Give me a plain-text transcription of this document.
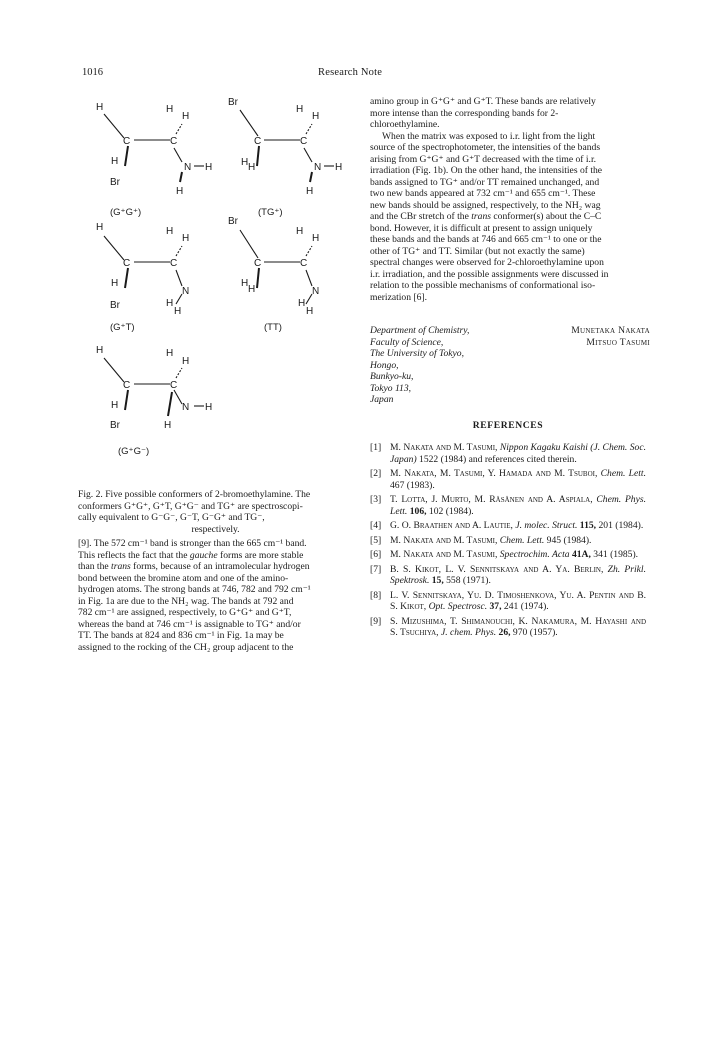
1016	Research Note
H	H
H
C	C
H
N H
Br
H
(G⁺G⁺)
Br
H
H
C	C
H H	N H
H
(TG⁺)
H	H
H
C	C
H
N
Br	H
H
(G⁺T)
Br
H
H
C	C
H
H	N
H
H
(TT)
H	H
H
C	C
H	N H
Br	H
(G⁺G⁻)
Fig. 2. Five possible conformers of 2-bromoethylamine. The
conformers G⁺G⁺, G⁺T, G⁺G⁻ and TG⁺ are spectroscopi-
cally equivalent to G⁻G⁻, G⁻T, G⁻G⁺ and TG⁻,

respectively.
[9]. The 572 cm⁻¹ band is stronger than the 665 cm⁻¹ band.
This reflects the fact that the gauche forms are more stable
than the trans forms, because of an intramolecular hydrogen
bond between the bromine atom and one of the amino-
hydrogen atoms. The strong bands at 746, 782 and 792 cm⁻¹
in Fig. 1a are due to the NH₂ wag. The bands at 792 and
782 cm⁻¹ are assigned, respectively, to G⁺G⁺ and G⁺T,
whereas the band at 746 cm⁻¹ is assignable to TG⁺ and/or
TT. The bands at 824 and 836 cm⁻¹ in Fig. 1a may be
assigned to the rocking of the CH₂ group adjacent to the

amino group in G⁺G⁺ and G⁺T. These bands are relatively
more intense than the corresponding bands for 2-
chloroethylamine.

When the matrix was exposed to i.r. light from the light
source of the spectrophotometer, the intensities of the bands
arising from G⁺G⁺ and G⁺T decreased with the time of i.r.
irradiation (Fig. 1b). On the other hand, the intensities of the
bands assigned to TG⁺ and/or TT remained unchanged, and
two new bands appeared at 732 cm⁻¹ and 655 cm⁻¹. These
new bands should be assigned, respectively, to the NH₂ wag
and the CBr stretch of the trans conformer(s) about the C–C
bond. However, it is difficult at present to assign uniquely
these bands and the bands at 746 and 665 cm⁻¹ to one or the
other of TG⁺ and TT. Similar (but not exactly the same)
spectral changes were observed for 2-chloroethylamine upon
i.r. irradiation, and the possible assignments were discussed in
relation to the possible mechanisms of conformational iso-
merization [6].

Department of Chemistry,
Faculty of Science,
The University of Tokyo,
Hongo,
Bunkyo-ku,
Tokyo 113,
Japan
Munetaka Nakata
Mitsuo Tasumi
REFERENCES
[1] M. Nakata and M. Tasumi, Nippon Kagaku Kaishi (J. Chem. Soc. Japan) 1522 (1984) and references cited therein.
[2] M. Nakata, M. Tasumi, Y. Hamada and M. Tsuboi, Chem. Lett. 467 (1983).
[3] T. Lotta, J. Murto, M. Räsänen and A. Aspiala, Chem. Phys. Lett. 106, 102 (1984).
[4] G. O. Braathen and A. Lautie, J. molec. Struct. 115, 201 (1984).
[5] M. Nakata and M. Tasumi, Chem. Lett. 945 (1984).
[6] M. Nakata and M. Tasumi, Spectrochim. Acta 41A, 341 (1985).
[7] B. S. Kikot, L. V. Sennitskaya and A. Ya. Berlin, Zh. Prikl. Spektrosk. 15, 558 (1971).
[8] L. V. Sennitskaya, Yu. D. Timoshenkova, Yu. A. Pentin and B. S. Kikot, Opt. Spectrosc. 37, 241 (1974).
[9] S. Mizushima, T. Shimanouchi, K. Nakamura, M. Hayashi and S. Tsuchiya, J. chem. Phys. 26, 970 (1957).
